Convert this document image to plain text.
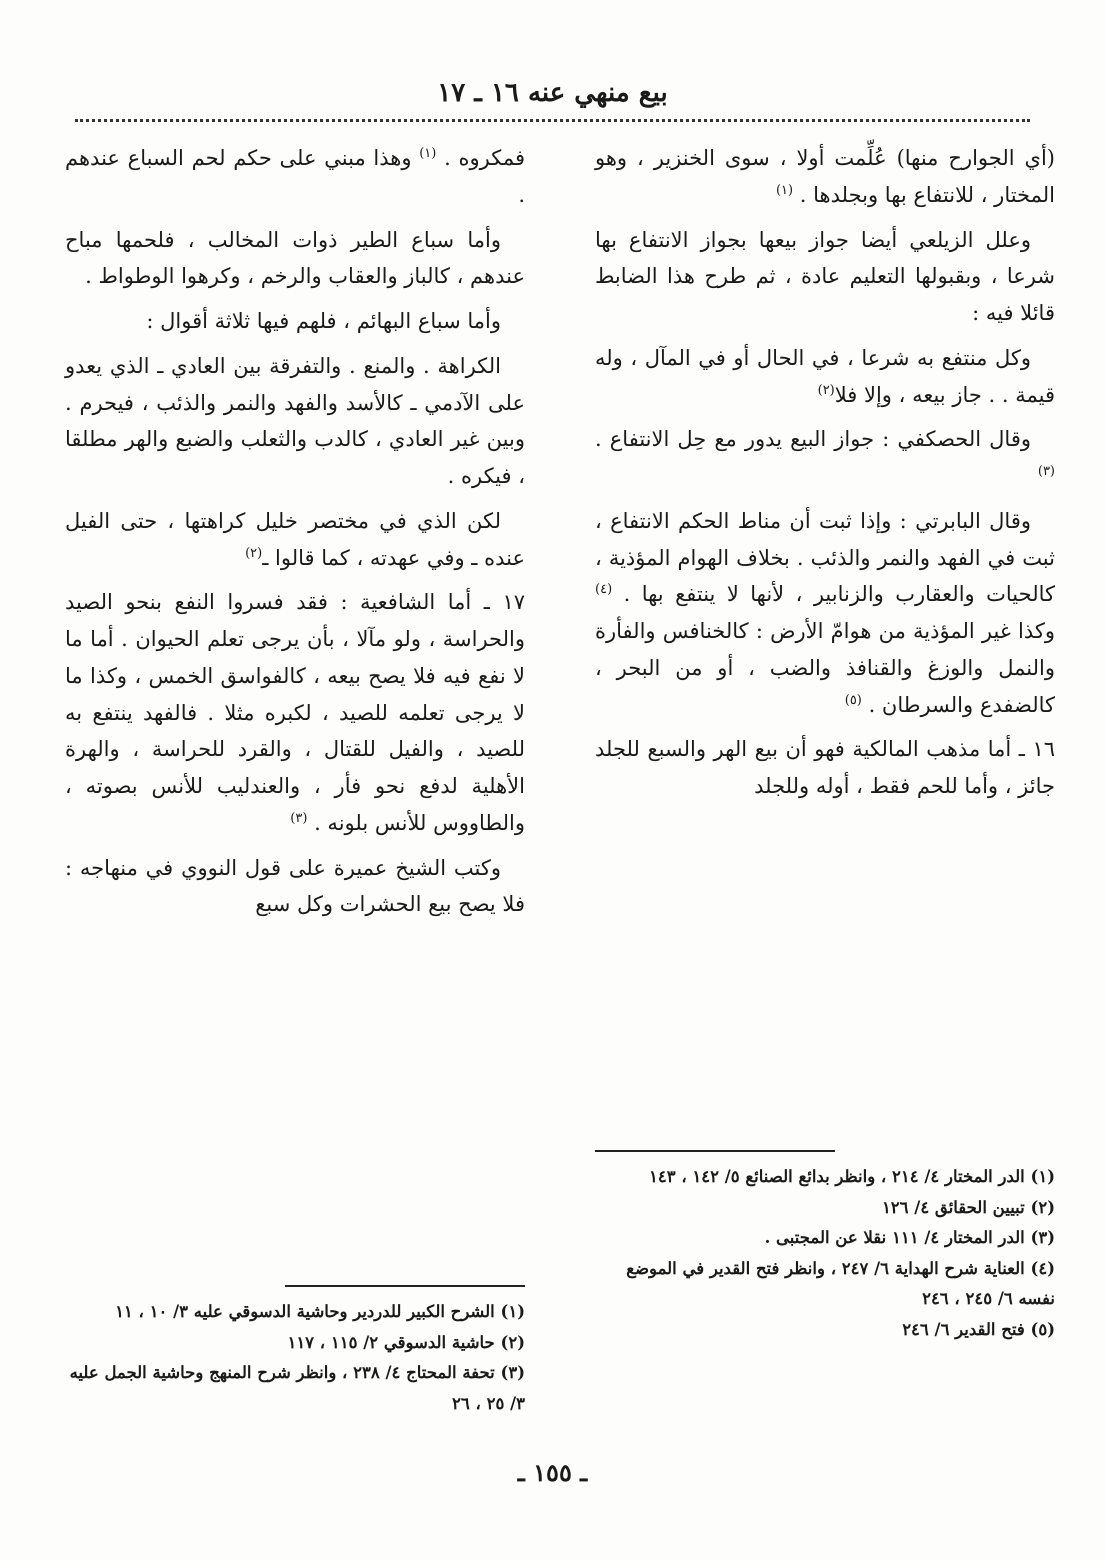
بيع منهي عنه ١٦ ـ ١٧

(أي الجوارح منها) عُلِّمت أولا ، سوى الخنزير ، وهو المختار ، للانتفاع بها وبجلدها . $^{(١)}$

وعلل الزيلعي أيضا جواز بيعها بجواز الانتفاع بها شرعا ، وبقبولها التعليم عادة ، ثم طرح هذا الضابط قائلا فيه :

وكل منتفع به شرعا ، في الحال أو في المآل ، وله قيمة . . جاز بيعه ، وإلا فلا$^{(٢)}$

وقال الحصكفي : جواز البيع يدور مع حِل الانتفاع . $^{(٣)}$

وقال البابرتي : وإذا ثبت أن مناط الحكم الانتفاع ، ثبت في الفهد والنمر والذئب . بخلاف الهوام المؤذية ، كالحيات والعقارب والزنابير ، لأنها لا ينتفع بها . $^{(٤)}$ وكذا غير المؤذية من هوامّ الأرض : كالخنافس والفأرة والنمل والوزغ والقنافذ والضب ، أو من البحر ، كالضفدع والسرطان . $^{(٥)}$

١٦ ـ أما مذهب المالكية فهو أن بيع الهر والسبع للجلد جائز ، وأما للحم فقط ، أوله وللجلد

فمكروه . $^{(١)}$ وهذا مبني على حكم لحم السباع عندهم .

وأما سباع الطير ذوات المخالب ، فلحمها مباح عندهم ، كالباز والعقاب والرخم ، وكرهوا الوطواط .

وأما سباع البهائم ، فلهم فيها ثلاثة أقوال :

الكراهة . والمنع . والتفرقة بين العادي ـ الذي يعدو على الآدمي ـ كالأسد والفهد والنمر والذئب ، فيحرم . وبين غير العادي ، كالدب والثعلب والضبع والهر مطلقا ، فيكره .

لكن الذي في مختصر خليل كراهتها ، حتى الفيل عنده ـ وفي عهدته ، كما قالوا ـ$^{(٢)}$

١٧ ـ أما الشافعية : فقد فسروا النفع بنحو الصيد والحراسة ، ولو مآلا ، بأن يرجى تعلم الحيوان . أما ما لا نفع فيه فلا يصح بيعه ، كالفواسق الخمس ، وكذا ما لا يرجى تعلمه للصيد ، لكبره مثلا . فالفهد ينتفع به للصيد ، والفيل للقتال ، والقرد للحراسة ، والهرة الأهلية لدفع نحو فأر ، والعندليب للأنس بصوته ، والطاووس للأنس بلونه . $^{(٣)}$

وكتب الشيخ عميرة على قول النووي في منهاجه : فلا يصح بيع الحشرات وكل سبع

(١) الدر المختار ٤/ ٢١٤ ، وانظر بدائع الصنائع ٥/ ١٤٢ ، ١٤٣

(٢) تبيين الحقائق ٤/ ١٢٦

(٣) الدر المختار ٤/ ١١١ نقلا عن المجتبى .

(٤) العناية شرح الهداية ٦/ ٢٤٧ ، وانظر فتح القدير في الموضع نفسه ٦/ ٢٤٥ ، ٢٤٦

(٥) فتح القدير ٦/ ٢٤٦

(١) الشرح الكبير للدردير وحاشية الدسوقي عليه ٣/ ١٠ ، ١١

(٢) حاشية الدسوقي ٢/ ١١٥ ، ١١٧

(٣) تحفة المحتاج ٤/ ٢٣٨ ، وانظر شرح المنهج وحاشية الجمل عليه ٣/ ٢٥ ، ٢٦

ـ ١٥٥ ـ
